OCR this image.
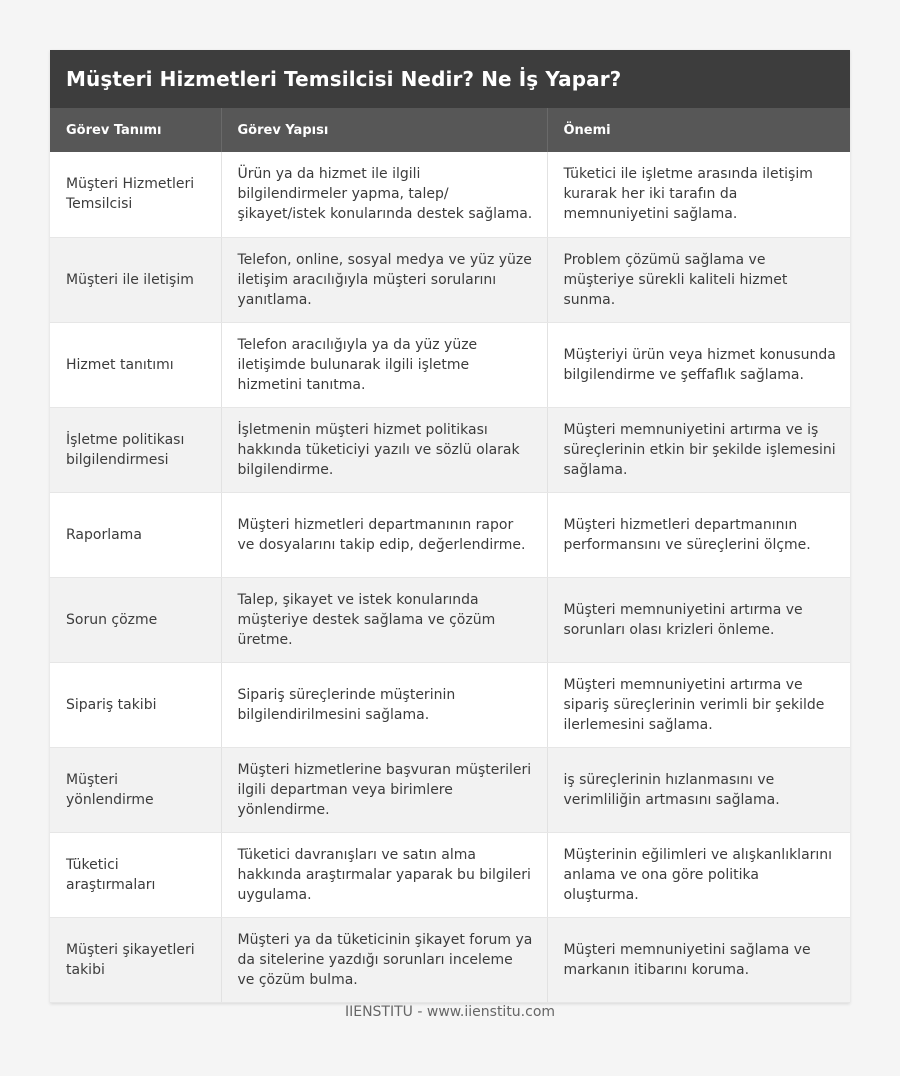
Müşteri Hizmetleri Temsilcisi Nedir? Ne İş Yapar?
Görev Tanımı	Görev Yapısı	Önemi
Müşteri Hizmetleri Temsilcisi	Ürün ya da hizmet ile ilgili bilgilendirmeler yapma, talep/ şikayet/istek konularında destek sağlama.	Tüketici ile işletme arasında iletişim kurarak her iki tarafın da memnuniyetini sağlama.
Müşteri ile iletişim	Telefon, online, sosyal medya ve yüz yüze iletişim aracılığıyla müşteri sorularını yanıtlama.	Problem çözümü sağlama ve müşteriye sürekli kaliteli hizmet sunma.
Hizmet tanıtımı	Telefon aracılığıyla ya da yüz yüze iletişimde bulunarak ilgili işletme hizmetini tanıtma.	Müşteriyi ürün veya hizmet konusunda bilgilendirme ve şeffaflık sağlama.
İşletme politikası bilgilendirmesi	İşletmenin müşteri hizmet politikası hakkında tüketiciyi yazılı ve sözlü olarak bilgilendirme.	Müşteri memnuniyetini artırma ve iş süreçlerinin etkin bir şekilde işlemesini sağlama.
Raporlama	Müşteri hizmetleri departmanının rapor ve dosyalarını takip edip, değerlendirme.	Müşteri hizmetleri departmanının performansını ve süreçlerini ölçme.
Sorun çözme	Talep, şikayet ve istek konularında müşteriye destek sağlama ve çözüm üretme.	Müşteri memnuniyetini artırma ve sorunları olası krizleri önleme.
Sipariş takibi	Sipariş süreçlerinde müşterinin bilgilendirilmesini sağlama.	Müşteri memnuniyetini artırma ve sipariş süreçlerinin verimli bir şekilde ilerlemesini sağlama.
Müşteri yönlendirme	Müşteri hizmetlerine başvuran müşterileri ilgili departman veya birimlere yönlendirme.	iş süreçlerinin hızlanmasını ve verimliliğin artmasını sağlama.
Tüketici araştırmaları	Tüketici davranışları ve satın alma hakkında araştırmalar yaparak bu bilgileri uygulama.	Müşterinin eğilimleri ve alışkanlıklarını anlama ve ona göre politika oluşturma.
Müşteri şikayetleri takibi	Müşteri ya da tüketicinin şikayet forum ya da sitelerine yazdığı sorunları inceleme ve çözüm bulma.	Müşteri memnuniyetini sağlama ve markanın itibarını koruma.
IIENSTITU - www.iienstitu.com
